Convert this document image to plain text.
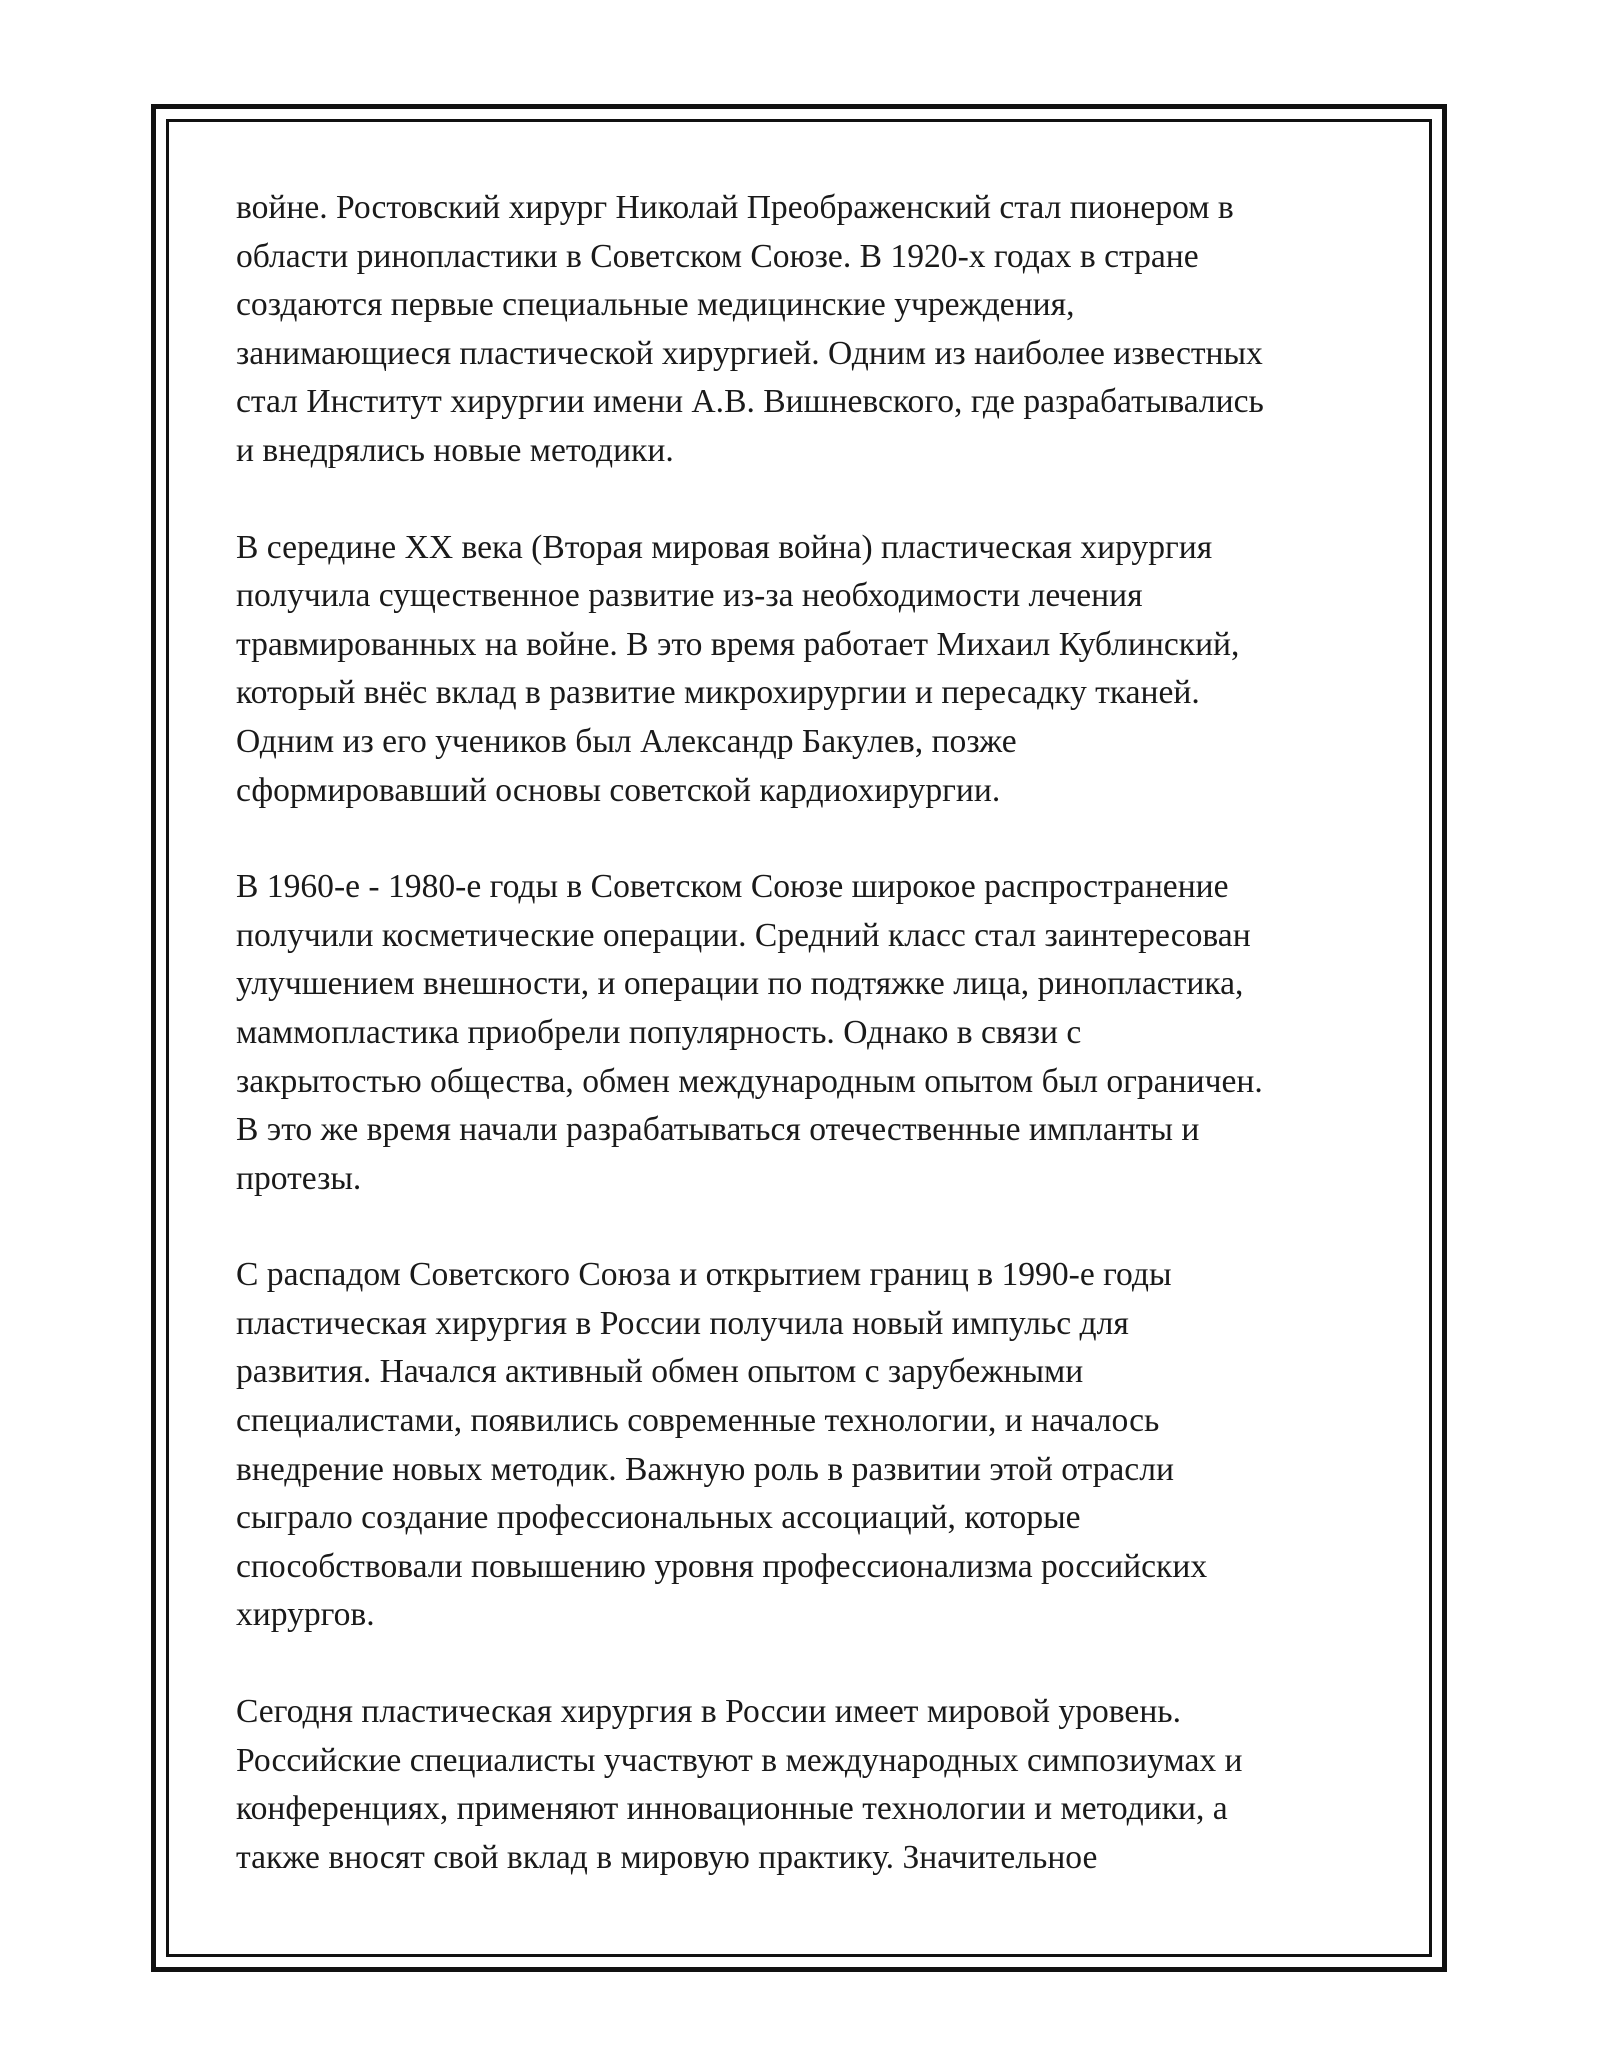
войне. Ростовский хирург Николай Преображенский стал пионером в
области ринопластики в Советском Союзе. В 1920-х годах в стране
создаются первые специальные медицинские учреждения,
занимающиеся пластической хирургией. Одним из наиболее известных
стал Институт хирургии имени А.В. Вишневского, где разрабатывались
и внедрялись новые методики.

В середине XX века (Вторая мировая война) пластическая хирургия
получила существенное развитие из-за необходимости лечения
травмированных на войне. В это время работает Михаил Кублинский,
который внёс вклад в развитие микрохирургии и пересадку тканей.
Одним из его учеников был Александр Бакулев, позже
сформировавший основы советской кардиохирургии.

В 1960-е - 1980-е годы в Советском Союзе широкое распространение
получили косметические операции. Средний класс стал заинтересован
улучшением внешности, и операции по подтяжке лица, ринопластика,
маммопластика приобрели популярность. Однако в связи с
закрытостью общества, обмен международным опытом был ограничен.
В это же время начали разрабатываться отечественные импланты и
протезы.

С распадом Советского Союза и открытием границ в 1990-е годы
пластическая хирургия в России получила новый импульс для
развития. Начался активный обмен опытом с зарубежными
специалистами, появились современные технологии, и началось
внедрение новых методик. Важную роль в развитии этой отрасли
сыграло создание профессиональных ассоциаций, которые
способствовали повышению уровня профессионализма российских
хирургов.

Сегодня пластическая хирургия в России имеет мировой уровень.
Российские специалисты участвуют в международных симпозиумах и
конференциях, применяют инновационные технологии и методики, а
также вносят свой вклад в мировую практику. Значительное
